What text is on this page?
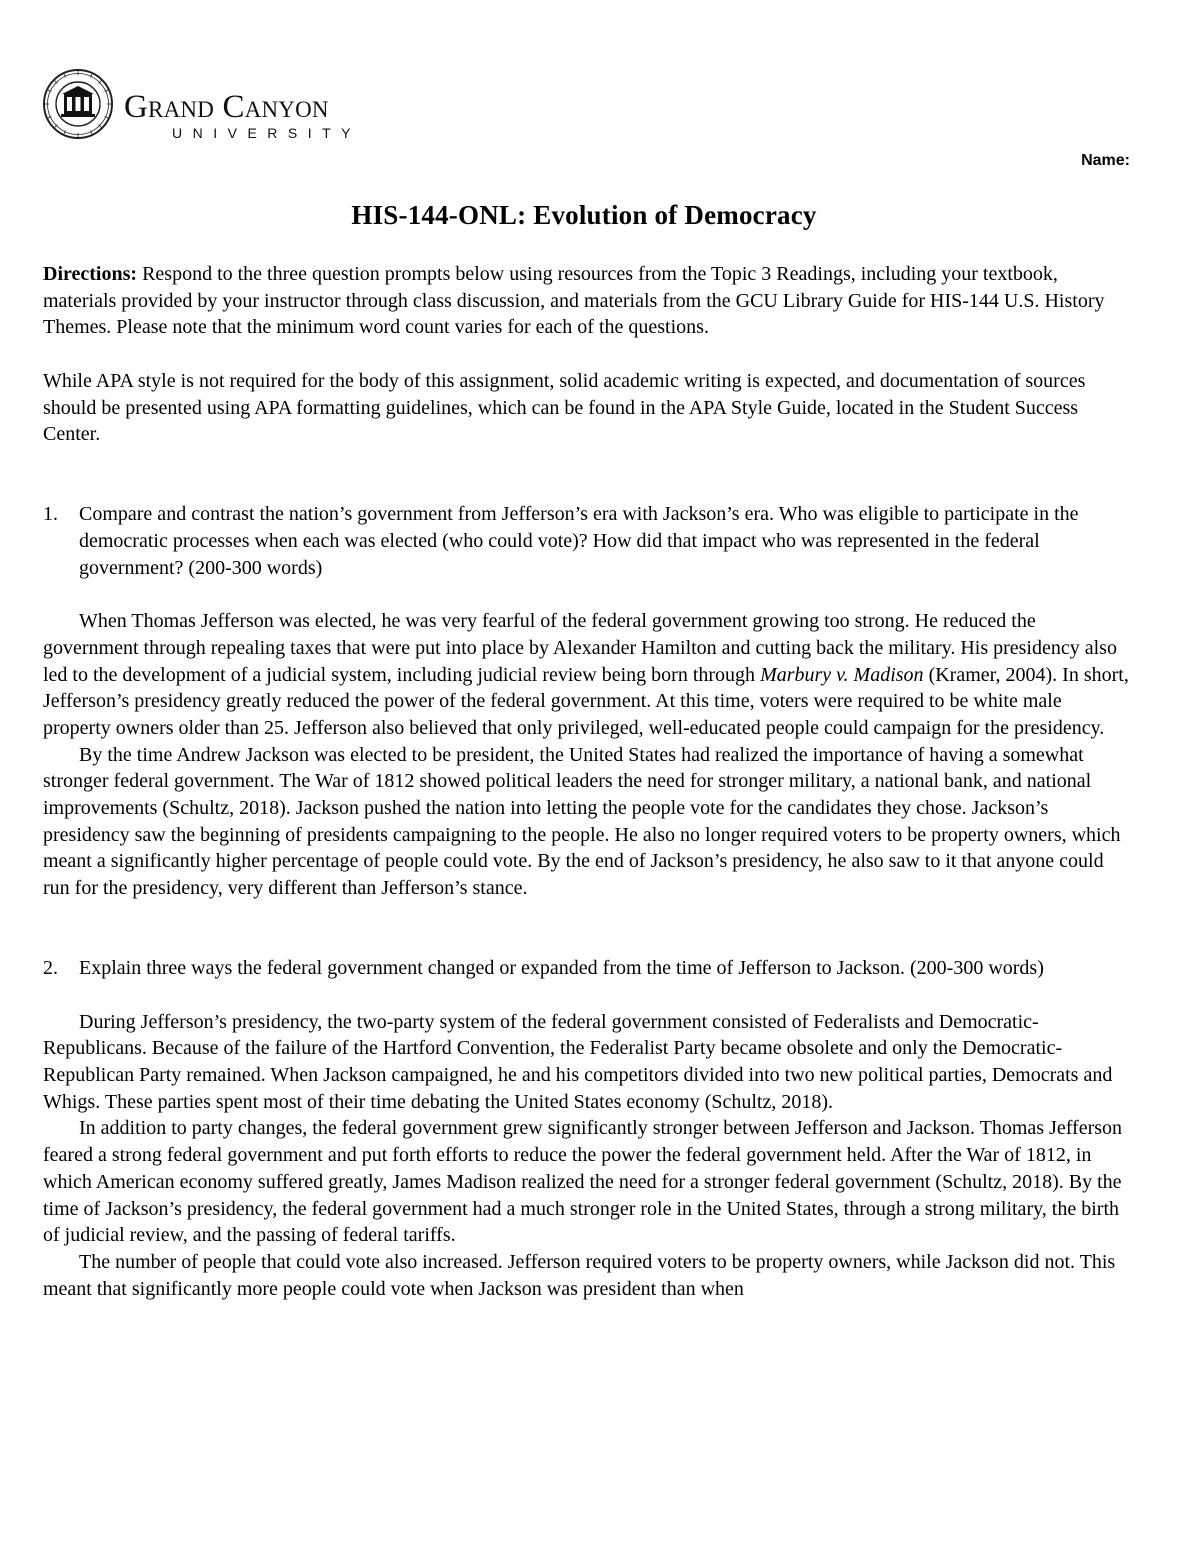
Grand Canyon
UNIVERSITY
Name:
HIS-144-ONL: Evolution of Democracy

Directions: Respond to the three question prompts below using resources from the Topic 3 Readings, including your textbook, materials provided by your instructor through class discussion, and materials from the GCU Library Guide for HIS-144 U.S. History Themes. Please note that the minimum word count varies for each of the questions.

While APA style is not required for the body of this assignment, solid academic writing is expected, and documentation of sources should be presented using APA formatting guidelines, which can be found in the APA Style Guide, located in the Student Success Center.

1.	Compare and contrast the nation’s government from Jefferson’s era with Jackson’s era. Who was eligible to participate in the democratic processes when each was elected (who could vote)? How did that impact who was represented in the federal government? (200-300 words)

When Thomas Jefferson was elected, he was very fearful of the federal government growing too strong. He reduced the government through repealing taxes that were put into place by Alexander Hamilton and cutting back the military. His presidency also led to the development of a judicial system, including judicial review being born through Marbury v. Madison (Kramer, 2004). In short, Jefferson’s presidency greatly reduced the power of the federal government. At this time, voters were required to be white male property owners older than 25. Jefferson also believed that only privileged, well-educated people could campaign for the presidency.

By the time Andrew Jackson was elected to be president, the United States had realized the importance of having a somewhat stronger federal government. The War of 1812 showed political leaders the need for stronger military, a national bank, and national improvements (Schultz, 2018). Jackson pushed the nation into letting the people vote for the candidates they chose. Jackson’s presidency saw the beginning of presidents campaigning to the people. He also no longer required voters to be property owners, which meant a significantly higher percentage of people could vote. By the end of Jackson’s presidency, he also saw to it that anyone could run for the presidency, very different than Jefferson’s stance.

2.	Explain three ways the federal government changed or expanded from the time of Jefferson to Jackson. (200-300 words)

During Jefferson’s presidency, the two-party system of the federal government consisted of Federalists and Democratic-Republicans. Because of the failure of the Hartford Convention, the Federalist Party became obsolete and only the Democratic-Republican Party remained. When Jackson campaigned, he and his competitors divided into two new political parties, Democrats and Whigs. These parties spent most of their time debating the United States economy (Schultz, 2018).

In addition to party changes, the federal government grew significantly stronger between Jefferson and Jackson. Thomas Jefferson feared a strong federal government and put forth efforts to reduce the power the federal government held. After the War of 1812, in which American economy suffered greatly, James Madison realized the need for a stronger federal government (Schultz, 2018). By the time of Jackson’s presidency, the federal government had a much stronger role in the United States, through a strong military, the birth of judicial review, and the passing of federal tariffs.

The number of people that could vote also increased. Jefferson required voters to be property owners, while Jackson did not. This meant that significantly more people could vote when Jackson was president than when
